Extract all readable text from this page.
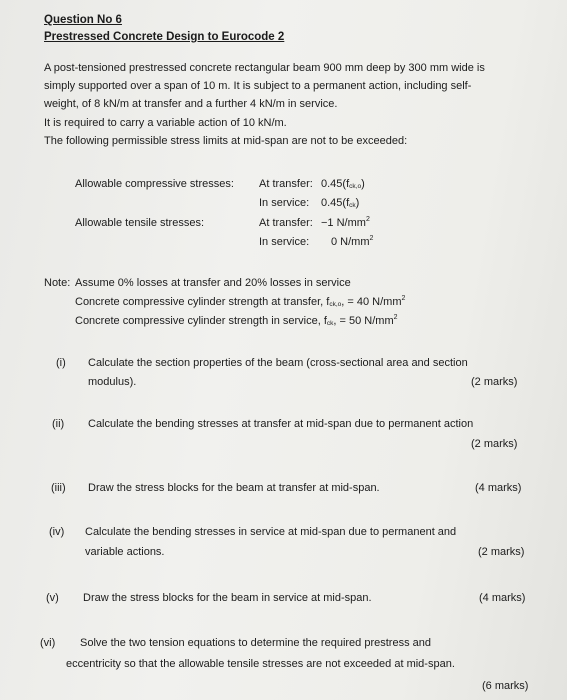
Question No 6
Prestressed Concrete Design to Eurocode 2
A post-tensioned prestressed concrete rectangular beam 900 mm deep by 300 mm wide is
simply supported over a span of 10 m. It is subject to a permanent action, including self-
weight, of 8 kN/m at transfer and a further 4 kN/m in service.
It is required to carry a variable action of 10 kN/m.
The following permissible stress limits at mid-span are not to be exceeded:
Allowable compressive stresses: At transfer: $0.45(f_{ck,o})$
In service: $0.45(f_{ck})$
Allowable tensile stresses:	At transfer: −1 $N/mm^2$
In service: 0 $N/mm^2$
Note: Assume 0% losses at transfer and 20% losses in service
Concrete compressive cylinder strength at transfer, $f_{ck,o}$, = 40 $N/mm^2$
Concrete compressive cylinder strength in service, $f_{ck}$, = 50 $N/mm^2$
(i) Calculate the section properties of the beam (cross-sectional area and section
modulus).	(2 marks)
(ii) Calculate the bending stresses at transfer at mid-span due to permanent action
(2 marks)
(iii) Draw the stress blocks for the beam at transfer at mid-span.	(4 marks)
(iv) Calculate the bending stresses in service at mid-span due to permanent and
variable actions.	(2 marks)
(v) Draw the stress blocks for the beam in service at mid-span.	(4 marks)
(vi) Solve the two tension equations to determine the required prestress and
eccentricity so that the allowable tensile stresses are not exceeded at mid-span.
(6 marks)
